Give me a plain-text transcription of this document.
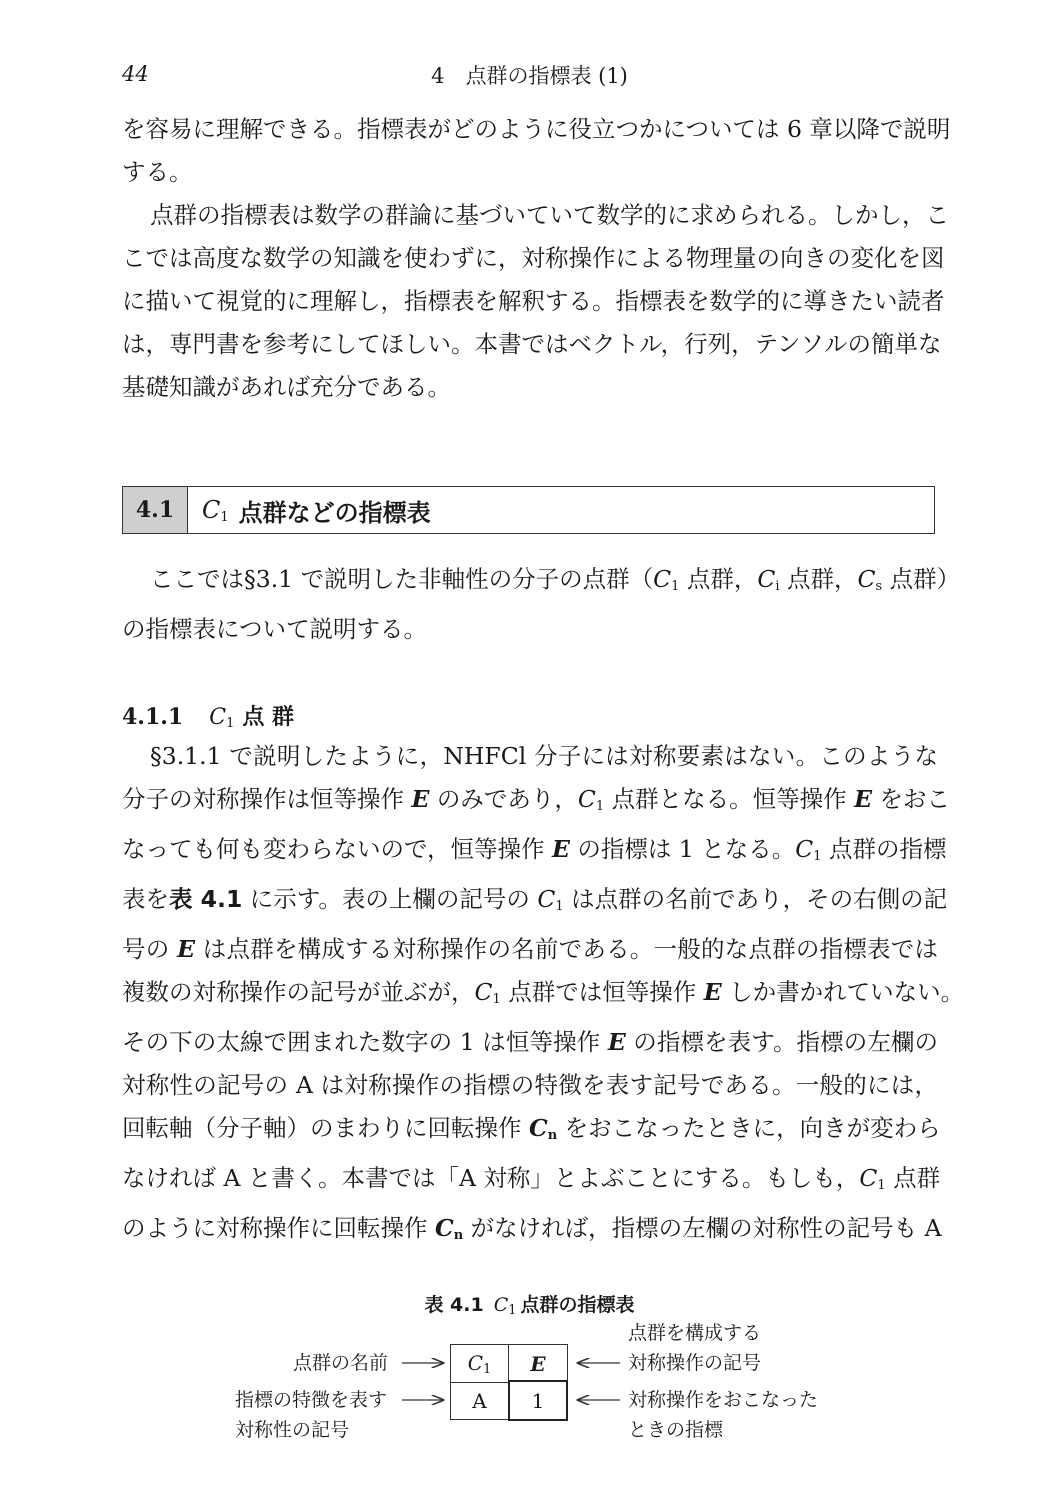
44	4　点群の指標表 (1)
を容易に理解できる。指標表がどのように役立つかについては 6 章以降で説明
する。
点群の指標表は数学の群論に基づいていて数学的に求められる。しかし，こ
こでは高度な数学の知識を使わずに，対称操作による物理量の向きの変化を図
に描いて視覚的に理解し，指標表を解釈する。指標表を数学的に導きたい読者
は，専門書を参考にしてほしい。本書ではベクトル，行列，テンソルの簡単な
基礎知識があれば充分である。
4.1	$C_1$ 点群などの指標表
ここでは§3.1 で説明した非軸性の分子の点群（$C_1$ 点群，$C_i$ 点群，$C_s$ 点群）
の指標表について説明する。
4.1.1 $C_1$ 点 群
§3.1.1 で説明したように，NHFCl 分子には対称要素はない。このような
分子の対称操作は恒等操作 E のみであり，$C_1$ 点群となる。恒等操作 E をおこ
なっても何も変わらないので，恒等操作 E の指標は 1 となる。$C_1$ 点群の指標
表を表 4.1 に示す。表の上欄の記号の $C_1$ は点群の名前であり，その右側の記
号の E は点群を構成する対称操作の名前である。一般的な点群の指標表では
複数の対称操作の記号が並ぶが，$C_1$ 点群では恒等操作 E しか書かれていない。
その下の太線で囲まれた数字の 1 は恒等操作 E の指標を表す。指標の左欄の
対称性の記号の A は対称操作の指標の特徴を表す記号である。一般的には，
回転軸（分子軸）のまわりに回転操作 $C_n$ をおこなったときに，向きが変わら
なければ A と書く。本書では「A 対称」とよぶことにする。もしも，$C_1$ 点群
のように対称操作に回転操作 $C_n$ がなければ，指標の左欄の対称性の記号も A
表 4.1 $C_1$ 点群の指標表
$C_1$ E
A	1
点群の名前
指標の特徴を表す
対称性の記号
点群を構成する
対称操作の記号
対称操作をおこなった
ときの指標
